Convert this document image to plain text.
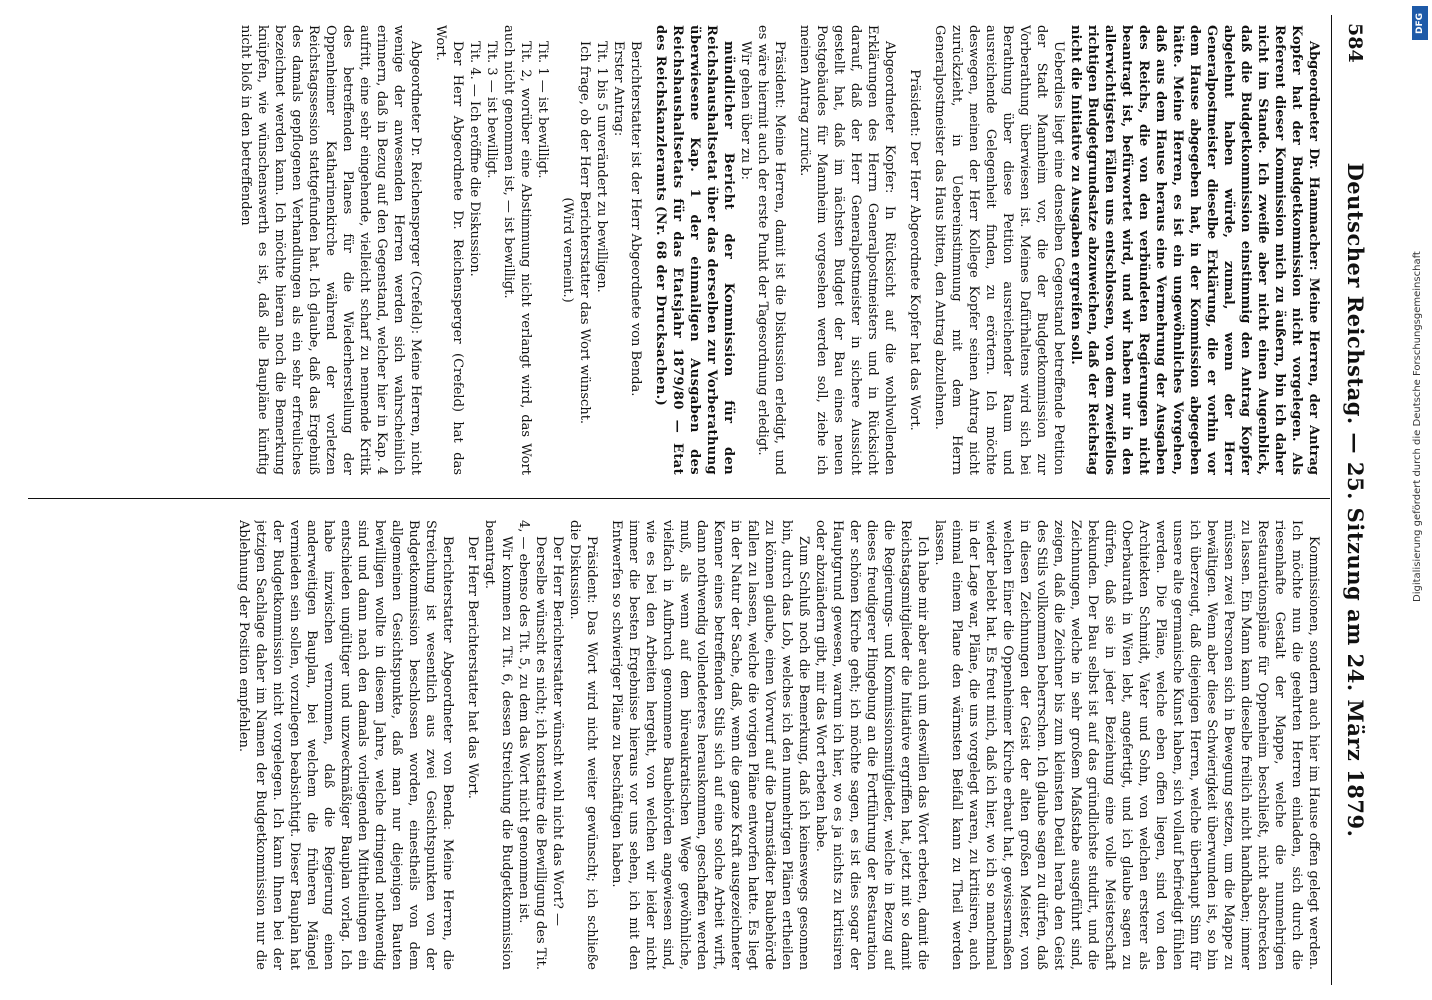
584
Deutscher Reichstag. — 25. Sitzung am 24. März 1879.

Abgeordneter Dr. Hammacher: Meine Herren, der Antrag Kopfer hat der Budgetkommission nicht vorgelegen. Als Referent dieser Kommission mich zu äußern, bin ich daher nicht im Stande. Ich zweifle aber nicht einen Augenblick, daß die Budgetkommission einstimmig den Antrag Kopfer abgelehnt haben würde, zumal, wenn der Herr Generalpostmeister dieselbe Erklärung, die er vorhin vor dem Hause abgegeben hat, in der Kommission abgegeben hätte. Meine Herren, es ist ein ungewöhnliches Vorgehen, daß aus dem Hause heraus eine Vermehrung der Ausgaben des Reichs, die von den verbündeten Regierungen nicht beantragt ist, befürwortet wird, und wir haben nur in den allerwichtigsten Fällen uns entschlossen, von dem zweifellos richtigen Budgetgrundsatze abzuweichen, daß der Reichstag nicht die Initiative zu Ausgaben ergreifen soll.

Ueberdies liegt eine denselben Gegenstand betreffende Petition der Stadt Mannheim vor, die der Budgetkommission zur Vorberathung überwiesen ist. Meines Dafürhaltens wird sich bei Berathung über diese Petition ausreichender Raum und ausreichende Gelegenheit finden, zu erörtern. Ich möchte deswegen, meinen der Herr Kollege Kopfer seinen Antrag nicht zurückzieht, in Uebereinstimmung mit dem Herrn Generalpostmeister das Haus bitten, den Antrag abzulehnen.

Präsident: Der Herr Abgeordnete Kopfer hat das Wort.

Abgeordneter Kopfer: In Rücksicht auf die wohlwollenden Erklärungen des Herrn Generalpostmeisters und in Rücksicht darauf, daß der Herr Generalpostmeister in sichere Aussicht gestellt hat, daß im nächsten Budget der Bau eines neuen Postgebäudes für Mannheim vorgesehen werden soll, ziehe ich meinen Antrag zurück.

Präsident: Meine Herren, damit ist die Diskussion erledigt, und es wäre hiermit auch der erste Punkt der Tagesordnung erledigt.

Wir gehen über zu b:

mündlicher Bericht der Kommission für den Reichshaushaltsetat über das derselben zur Vorberathung überwiesene Kap. 1 der einmaligen Ausgaben des Reichshaushaltsetats für das Etatsjahr 1879/80 — Etat des Reichskanzleramts (Nr. 68 der Drucksachen.)

Berichterstatter ist der Herr Abgeordnete von Benda.

Erster Antrag:

Tit. 1 bis 5 unverändert zu bewilligen.

Ich frage, ob der Herr Berichterstatter das Wort wünscht.

(Wird verneint.)

Tit. 1 — ist bewilligt.

Tit. 2, worüber eine Abstimmung nicht verlangt wird, das Wort auch nicht genommen ist, — ist bewilligt.

Tit. 3 — ist bewilligt.

Tit. 4. — Ich eröffne die Diskussion.

Der Herr Abgeordnete Dr. Reichensperger (Crefeld) hat das Wort.

Abgeordneter Dr. Reichensperger (Crefeld): Meine Herren, nicht wenige der anwesenden Herren werden sich wahrscheinlich erinnern, daß in Bezug auf den Gegenstand, welcher hier in Kap. 4 aufritt, eine sehr eingehende, vielleicht scharf zu nennende Kritik des betreffenden Planes für die Wiederherstellung der Oppenheimer Katharinenkirche während der vorletzen Reichstagssession stattgefunden hat. Ich glaube, daß das Ergebniß des damals gepflogenen Verhandlungen als ein sehr erfreuliches bezeichnet werden kann. Ich möchte hieran noch die Bemerkung knüpfen, wie wünschenswerth es ist, daß alle Baupläne künftig nicht bloß in den betreffenden

Kommissionen, sondern auch hier im Hause offen gelegt werden. Ich möchte nun die geehrten Herren einladen, sich durch die riesenhafte Gestalt der Mappe, welche die nunmehrigen Restaurationspläne für Oppenheim beschließt, nicht abschrecken zu lassen. Ein Mann kann dieselbe freilich nicht handhaben; immer müssen zwei Personen sich in Bewegung setzen, um die Mappe zu bewältigen. Wenn aber diese Schwierigkeit überwunden ist, so bin ich überzeugt, daß diejenigen Herren, welche überhaupt Sinn für unsere alte germanische Kunst haben, sich vollauf befriedigt fühlen werden. Die Pläne, welche eben offen liegen, sind von den Architekten Schmidt, Vater und Sohn, von welchen ersterer als Oberbaurath in Wien lebt, angefertigt, und ich glaube sagen zu dürfen, daß sie in jeder Beziehung eine volle Meisterschaft bekunden. Der Bau selbst ist auf das gründlichste studirt, und die Zeichnungen, welche in sehr großem Maßstabe ausgeführt sind, zeigen, daß die Zeichner bis zum kleinsten Detail herab den Geist des Stils vollkommen beherrschen. Ich glaube sagen zu dürfen, daß in diesen Zeichnungen der Geist der alten großen Meister, von welchen Einer die Oppenheimer Kirche erbaut hat, gewissermaßen wieder belebt hat. Es freut mich, daß ich hier, wo ich so manchmal in der Lage war, Pläne, die uns vorgelegt waren, zu kritisiren, auch einmal einem Plane den wärmsten Beifall kann zu Theil werden lassen.

Ich habe mir aber auch um deswillen das Wort erbeten, damit die Reichstagsmitglieder die Initiative ergriffen hat, jetzt mit so damit die Regierungs- und Kommissionsmitglieder, welche in Bezug auf dieses freudigerer Hingebung an die Fortführung der Restauration der schönen Kirche geht; ich möchte sagen, es ist dies sogar der Hauptgrund gewesen, warum ich hier, wo es ja nichts zu kritisiren oder abzuändern gibt, mir das Wort erbeten habe.

Zum Schluß noch die Bemerkung, daß ich keineswegs gesonnen bin, durch das Lob, welches ich den nunmehrigen Plänen ertheilen zu können glaube, einen Vorwurf auf die Darmstädter Baubehörde fallen zu lassen, welche die vorigen Pläne entworfen hatte. Es liegt in der Natur der Sache, daß, wenn die ganze Kraft ausgezeichneter Kenner eines betreffenden Stils sich auf eine solche Arbeit wirft, dann nothwendig vollendeteres herauskommen, geschaffen werden muß, als wenn auf dem büreaukratischen Wege gewöhnliche, vielfach in Aufbruch genommene Baubehörden angewiesen sind, wie es bei den Arbeiten hergeht, von welchen wir leider nicht immer die besten Ergebnisse hieraus vor uns sehen, ich mit den Entwerfen so schwieriger Pläne zu beschäftigen haben.

Präsident: Das Wort wird nicht weiter gewünscht; ich schließe die Diskussion.

Der Herr Berichterstatter wünscht wohl nicht das Wort? —

Derselbe wünscht es nicht; ich konstatire die Bewilligung des Tit. 4, — ebenso des Tit. 5, zu dem das Wort nicht genommen ist.

Wir kommen zu Tit. 6, dessen Streichung die Budgetkommission beantragt.

Der Herr Berichterstatter hat das Wort.

Berichterstatter Abgeordneter von Benda: Meine Herren, die Streichung ist wesentlich aus zwei Gesichtspunkten von der Budgetkommission beschlossen worden, einestheils von dem allgemeinen Gesichtspunkte, daß man nur diejenigen Bauten bewilligen wollte in diesem Jahre, welche dringend nothwendig sind und dann nach den damals vorliegenden Mittheilungen ein entschieden ungültiger und unzweckmäßiger Bauplan vorlag. Ich habe inzwischen vernommen, daß die Regierung einen anderweitigen Bauplan, bei welchem die früheren Mängel vermieden sein sollen, vorzulegen beabsichtigt. Dieser Bauplan hat der Budgetkommission nicht vorgelegen. Ich kann Ihnen bei der jetzigen Sachlage daher im Namen der Budgetkommission nur die Ablehnung der Position empfehlen.

DFG
Digitalisierung gefördert durch die Deutsche Forschungsgemeinschaft
